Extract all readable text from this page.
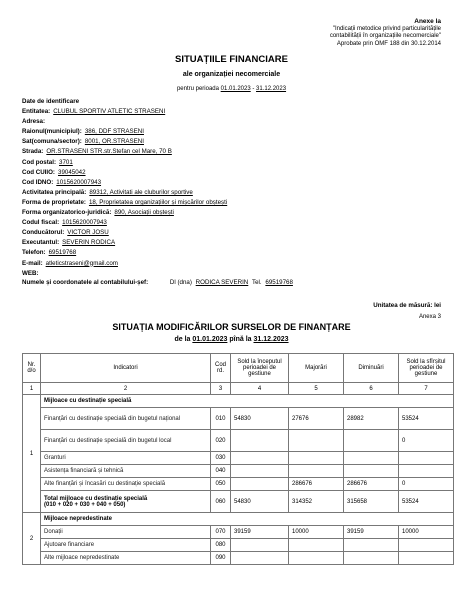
Anexe la
"Indicații metodice privind particularitățile
contabilității în organizațiile necomerciale"
Aprobate prin OMF 188 din 30.12.2014
SITUAȚIILE FINANCIARE
ale organizației necomerciale
pentru perioada 01.01.2023 - 31.12.2023
Date de identificare
Entitatea: CLUBUL SPORTIV ATLETIC STRASENI
Adresa:
Raionul(municipiul): 386, DDF STRASENI
Sat(comuna/sector): 8001, OR.STRASENI
Strada: OR.STRASENI STR.str.Stefan cel Mare, 70 B
Cod postal: 3701
Cod CUIIO: 39045042
Cod IDNO: 1015620007943
Activitatea principală: 89312, Activitati ale cluburilor sportive
Forma de proprietate: 18, Proprietatea organizațiilor și mișcărilor obștești
Forma organizatorico-juridică: 890, Asociații obștești
Codul fiscal: 1015620007943
Conducătorul: VICTOR JOSU
Executantul: SEVERIN RODICA
Telefon: 69519768
E-mail: atleticstraseni@gmail.com
WEB:
Numele și coordonatele al contabilului-șef:	Dl (dna) RODICA SEVERIN Tel. 69519768
Unitatea de măsură: lei
Anexa 3
SITUAȚIA MODIFICĂRILOR SURSELOR DE FINANȚARE
de la 01.01.2023 pînă la 31.12.2023
Nr. d/o	Indicatori	Cod rd.	Sold la începutul perioadei de gestiune	Majorări	Diminuări	Sold la sfîrșitul perioadei de gestiune
1	2	3	4	5	6	7
1	Mijloace cu destinație specială					
	Finanțări cu destinație specială din bugetul național	010	54830	27676	28982	53524
	Finanțări cu destinație specială din bugetul local	020				0
	Granturi	030				
	Asistența financiară și tehnică	040				
	Alte finanțări și încasări cu destinație specială	050		286676	286676	0

	Total mijloace cu destinație specială
(010 + 020 + 030 + 040 + 050)	060	54830	314352	315658	53524
2	Mijloace nepredestinate					
	Donații	070	39159	10000	39159	10000
	Ajutoare financiare	080				
	Alte mijloace nepredestinate	090				
